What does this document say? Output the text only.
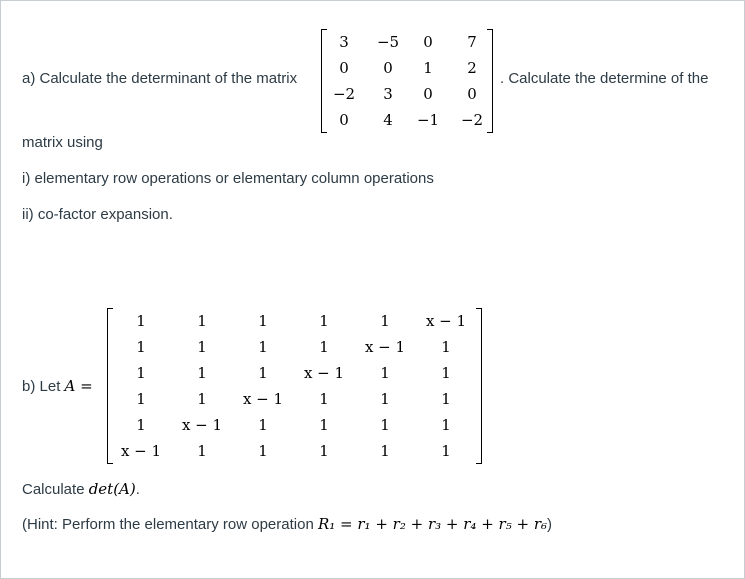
a) Calculate the determinant of the matrix
3	−5	0	7
0	0	1	2
−2	3	0	0
0	4	−1	−2
. Calculate the determine of the
matrix using
i) elementary row operations or elementary column operations
ii) co-factor expansion.
b) Let A =
1	1	1	1	1	x − 1
1	1	1	1	x − 1	1
1	1	1	x − 1	1	1
1	1	x − 1	1	1	1
1	x − 1	1	1	1	1
x − 1	1	1	1	1	1
Calculate det(A).
(Hint: Perform the elementary row operation R₁ = r₁ + r₂ + r₃ + r₄ + r₅ + r₆)
